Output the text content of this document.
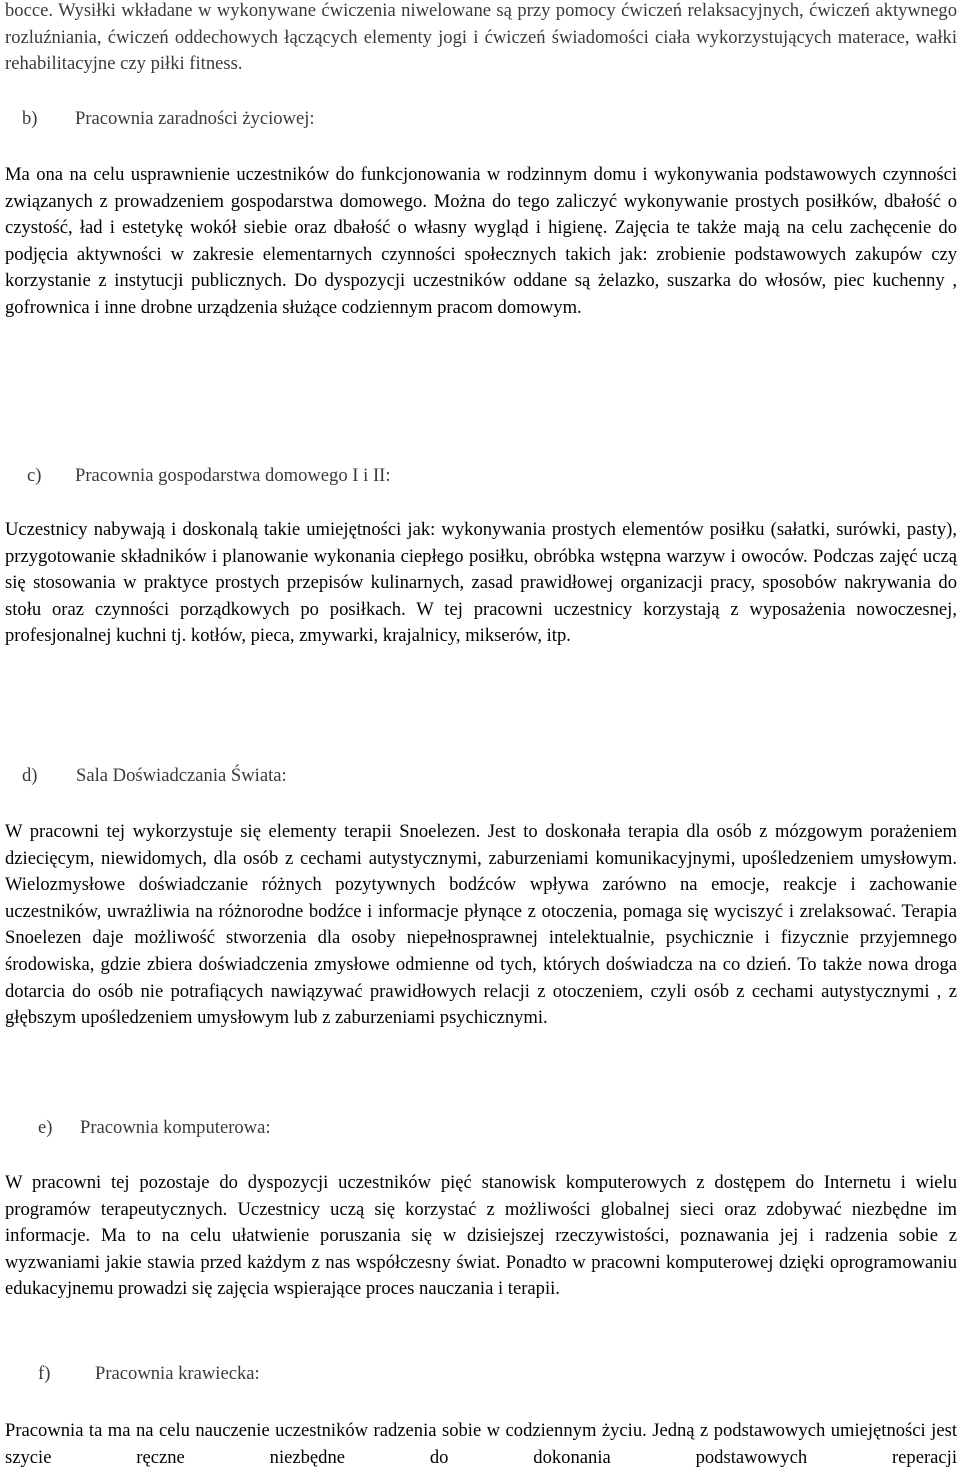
bocce. Wysiłki wkładane w wykonywane ćwiczenia niwelowane są przy pomocy ćwiczeń relaksacyjnych, ćwiczeń aktywnego rozluźniania, ćwiczeń oddechowych łączących elementy jogi i ćwiczeń świadomości ciała wykorzystujących materace, wałki rehabilitacyjne czy piłki fitness.

b) Pracownia zaradności życiowej:

Ma ona na celu usprawnienie uczestników do funkcjonowania w rodzinnym domu i wykonywania podstawowych czynności związanych z prowadzeniem gospodarstwa domowego. Można do tego zaliczyć wykonywanie prostych posiłków, dbałość o czystość, ład i estetykę wokół siebie oraz dbałość o własny wygląd i higienę. Zajęcia te także mają na celu zachęcenie do podjęcia aktywności w zakresie elementarnych czynności społecznych takich jak: zrobienie podstawowych zakupów czy korzystanie z instytucji publicznych. Do dyspozycji uczestników oddane są żelazko, suszarka do włosów, piec kuchenny , gofrownica i inne drobne urządzenia służące codziennym pracom domowym.

c) Pracownia gospodarstwa domowego I i II:

Uczestnicy nabywają i doskonalą takie umiejętności jak: wykonywania prostych elementów posiłku (sałatki, surówki, pasty), przygotowanie składników i planowanie wykonania ciepłego posiłku, obróbka wstępna warzyw i owoców. Podczas zajęć uczą się stosowania w praktyce prostych przepisów kulinarnych, zasad prawidłowej organizacji pracy, sposobów nakrywania do stołu oraz czynności porządkowych po posiłkach. W tej pracowni uczestnicy korzystają z wyposażenia nowoczesnej, profesjonalnej kuchni tj. kotłów, pieca, zmywarki, krajalnicy, mikserów, itp.

d) Sala Doświadczania Świata:

W pracowni tej wykorzystuje się elementy terapii Snoelezen. Jest to doskonała terapia dla osób z mózgowym porażeniem dziecięcym, niewidomych, dla osób z cechami autystycznymi, zaburzeniami komunikacyjnymi, upośledzeniem umysłowym. Wielozmysłowe doświadczanie różnych pozytywnych bodźców wpływa zarówno na emocje, reakcje i zachowanie uczestników, uwrażliwia na różnorodne bodźce i informacje płynące z otoczenia, pomaga się wyciszyć i zrelaksować. Terapia Snoelezen daje możliwość stworzenia dla osoby niepełnosprawnej intelektualnie, psychicznie i fizycznie przyjemnego środowiska, gdzie zbiera doświadczenia zmysłowe odmienne od tych, których doświadcza na co dzień. To także nowa droga dotarcia do osób nie potrafiących nawiązywać prawidłowych relacji z otoczeniem, czyli osób z cechami autystycznymi , z głębszym upośledzeniem umysłowym lub z zaburzeniami psychicznymi.

e) Pracownia komputerowa:

W pracowni tej pozostaje do dyspozycji uczestników pięć stanowisk komputerowych z dostępem do Internetu i wielu programów terapeutycznych. Uczestnicy uczą się korzystać z możliwości globalnej sieci oraz zdobywać niezbędne im informacje. Ma to na celu ułatwienie poruszania się w dzisiejszej rzeczywistości, poznawania jej i radzenia sobie z wyzwaniami jakie stawia przed każdym z nas współczesny świat. Ponadto w pracowni komputerowej dzięki oprogramowaniu edukacyjnemu prowadzi się zajęcia wspierające proces nauczania i terapii.

f) Pracownia krawiecka:

Pracownia ta ma na celu nauczenie uczestników radzenia sobie w codziennym życiu. Jedną z podstawowych umiejętności jest szycie ręczne niezbędne do dokonania podstawowych reperacji
